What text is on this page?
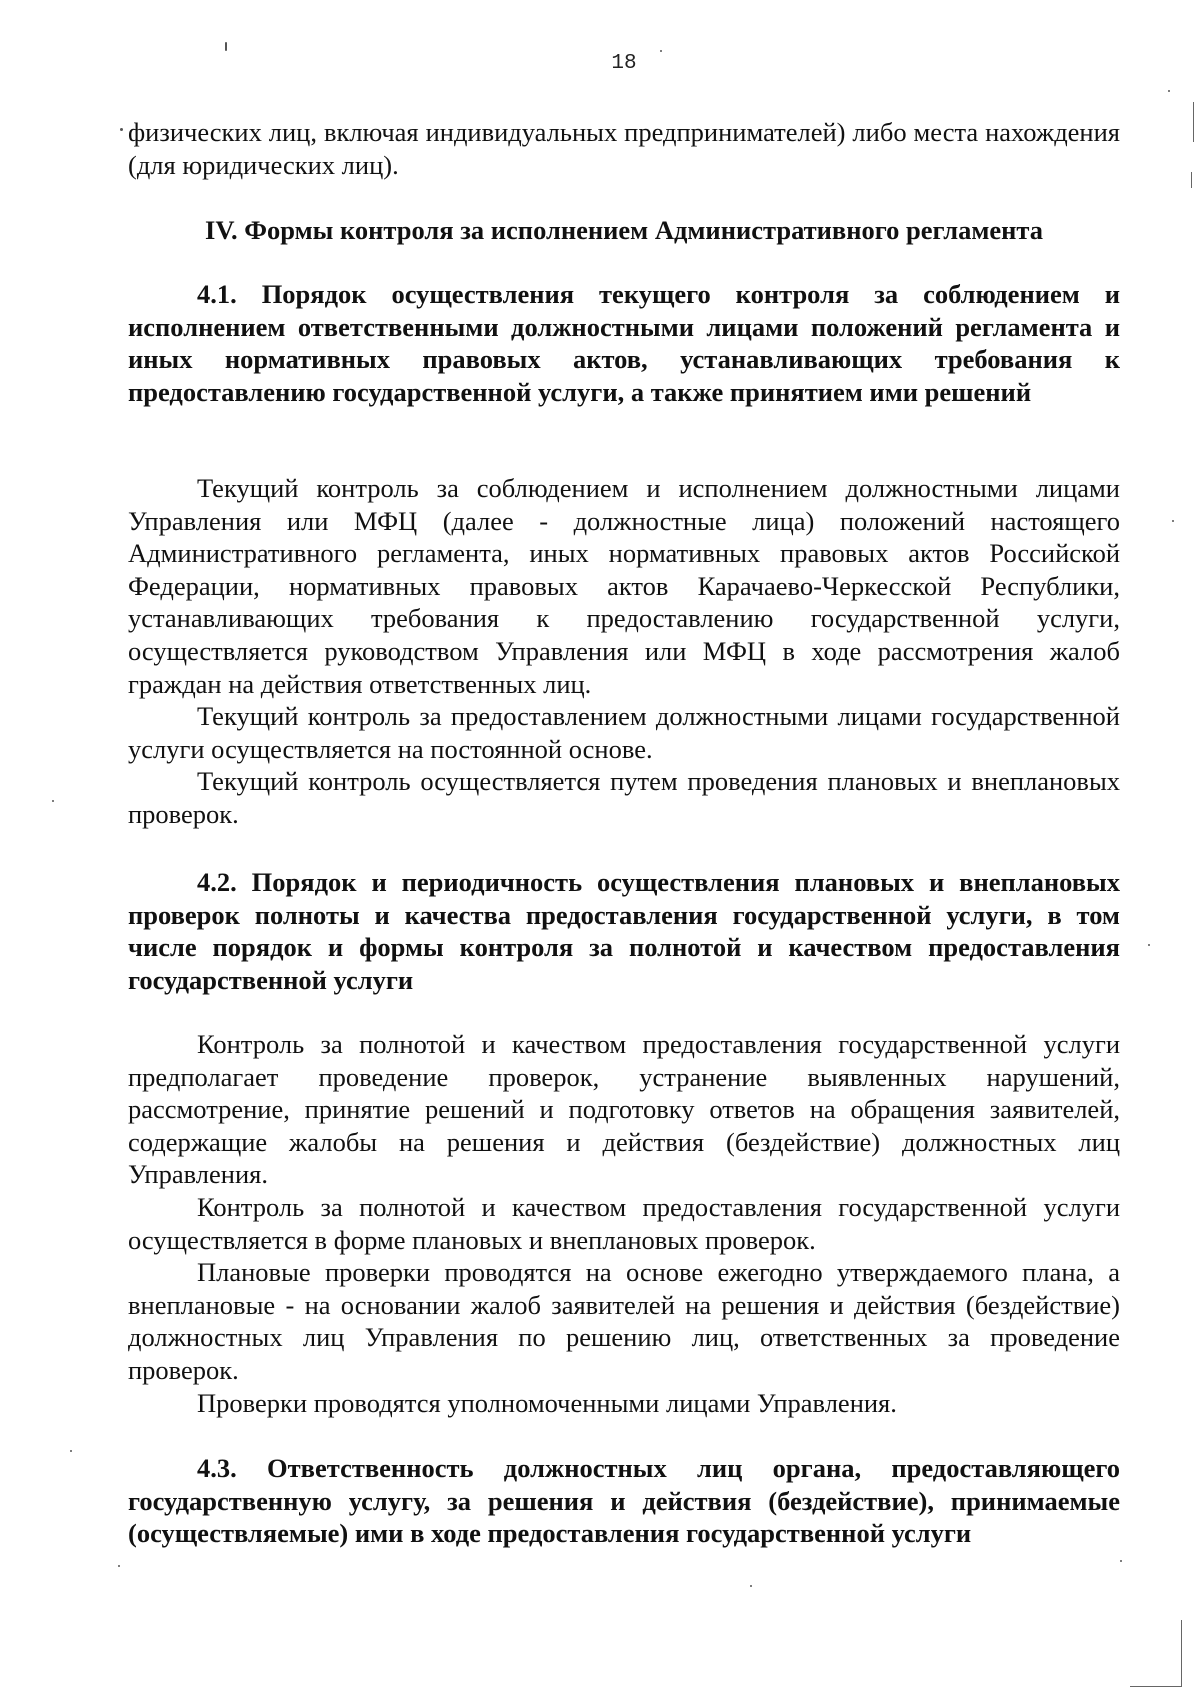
18

физических лиц, включая индивидуальных предпринимателей) либо места нахождения (для юридических лиц).

IV. Формы контроля за исполнением Административного регламента

4.1. Порядок осуществления текущего контроля за соблюдением и исполнением ответственными должностными лицами положений регламента и иных нормативных правовых актов, устанавливающих требования к предоставлению государственной услуги, а также принятием ими решений

Текущий контроль за соблюдением и исполнением должностными лицами Управления или МФЦ (далее - должностные лица) положений настоящего Административного регламента, иных нормативных правовых актов Российской Федерации, нормативных правовых актов Карачаево-Черкесской Республики, устанавливающих требования к предоставлению государственной услуги, осуществляется руководством Управления или МФЦ в ходе рассмотрения жалоб граждан на действия ответственных лиц.

Текущий контроль за предоставлением должностными лицами государственной услуги осуществляется на постоянной основе.

Текущий контроль осуществляется путем проведения плановых и внеплановых проверок.

4.2. Порядок и периодичность осуществления плановых и внеплановых проверок полноты и качества предоставления государственной услуги, в том числе порядок и формы контроля за полнотой и качеством предоставления государственной услуги

Контроль за полнотой и качеством предоставления государственной услуги предполагает проведение проверок, устранение выявленных нарушений, рассмотрение, принятие решений и подготовку ответов на обращения заявителей, содержащие жалобы на решения и действия (бездействие) должностных лиц Управления.

Контроль за полнотой и качеством предоставления государственной услуги осуществляется в форме плановых и внеплановых проверок.

Плановые проверки проводятся на основе ежегодно утверждаемого плана, а внеплановые - на основании жалоб заявителей на решения и действия (бездействие) должностных лиц Управления по решению лиц, ответственных за проведение проверок.

Проверки проводятся уполномоченными лицами Управления.

4.3. Ответственность должностных лиц органа, предоставляющего государственную услугу, за решения и действия (бездействие), принимаемые (осуществляемые) ими в ходе предоставления государственной услуги
